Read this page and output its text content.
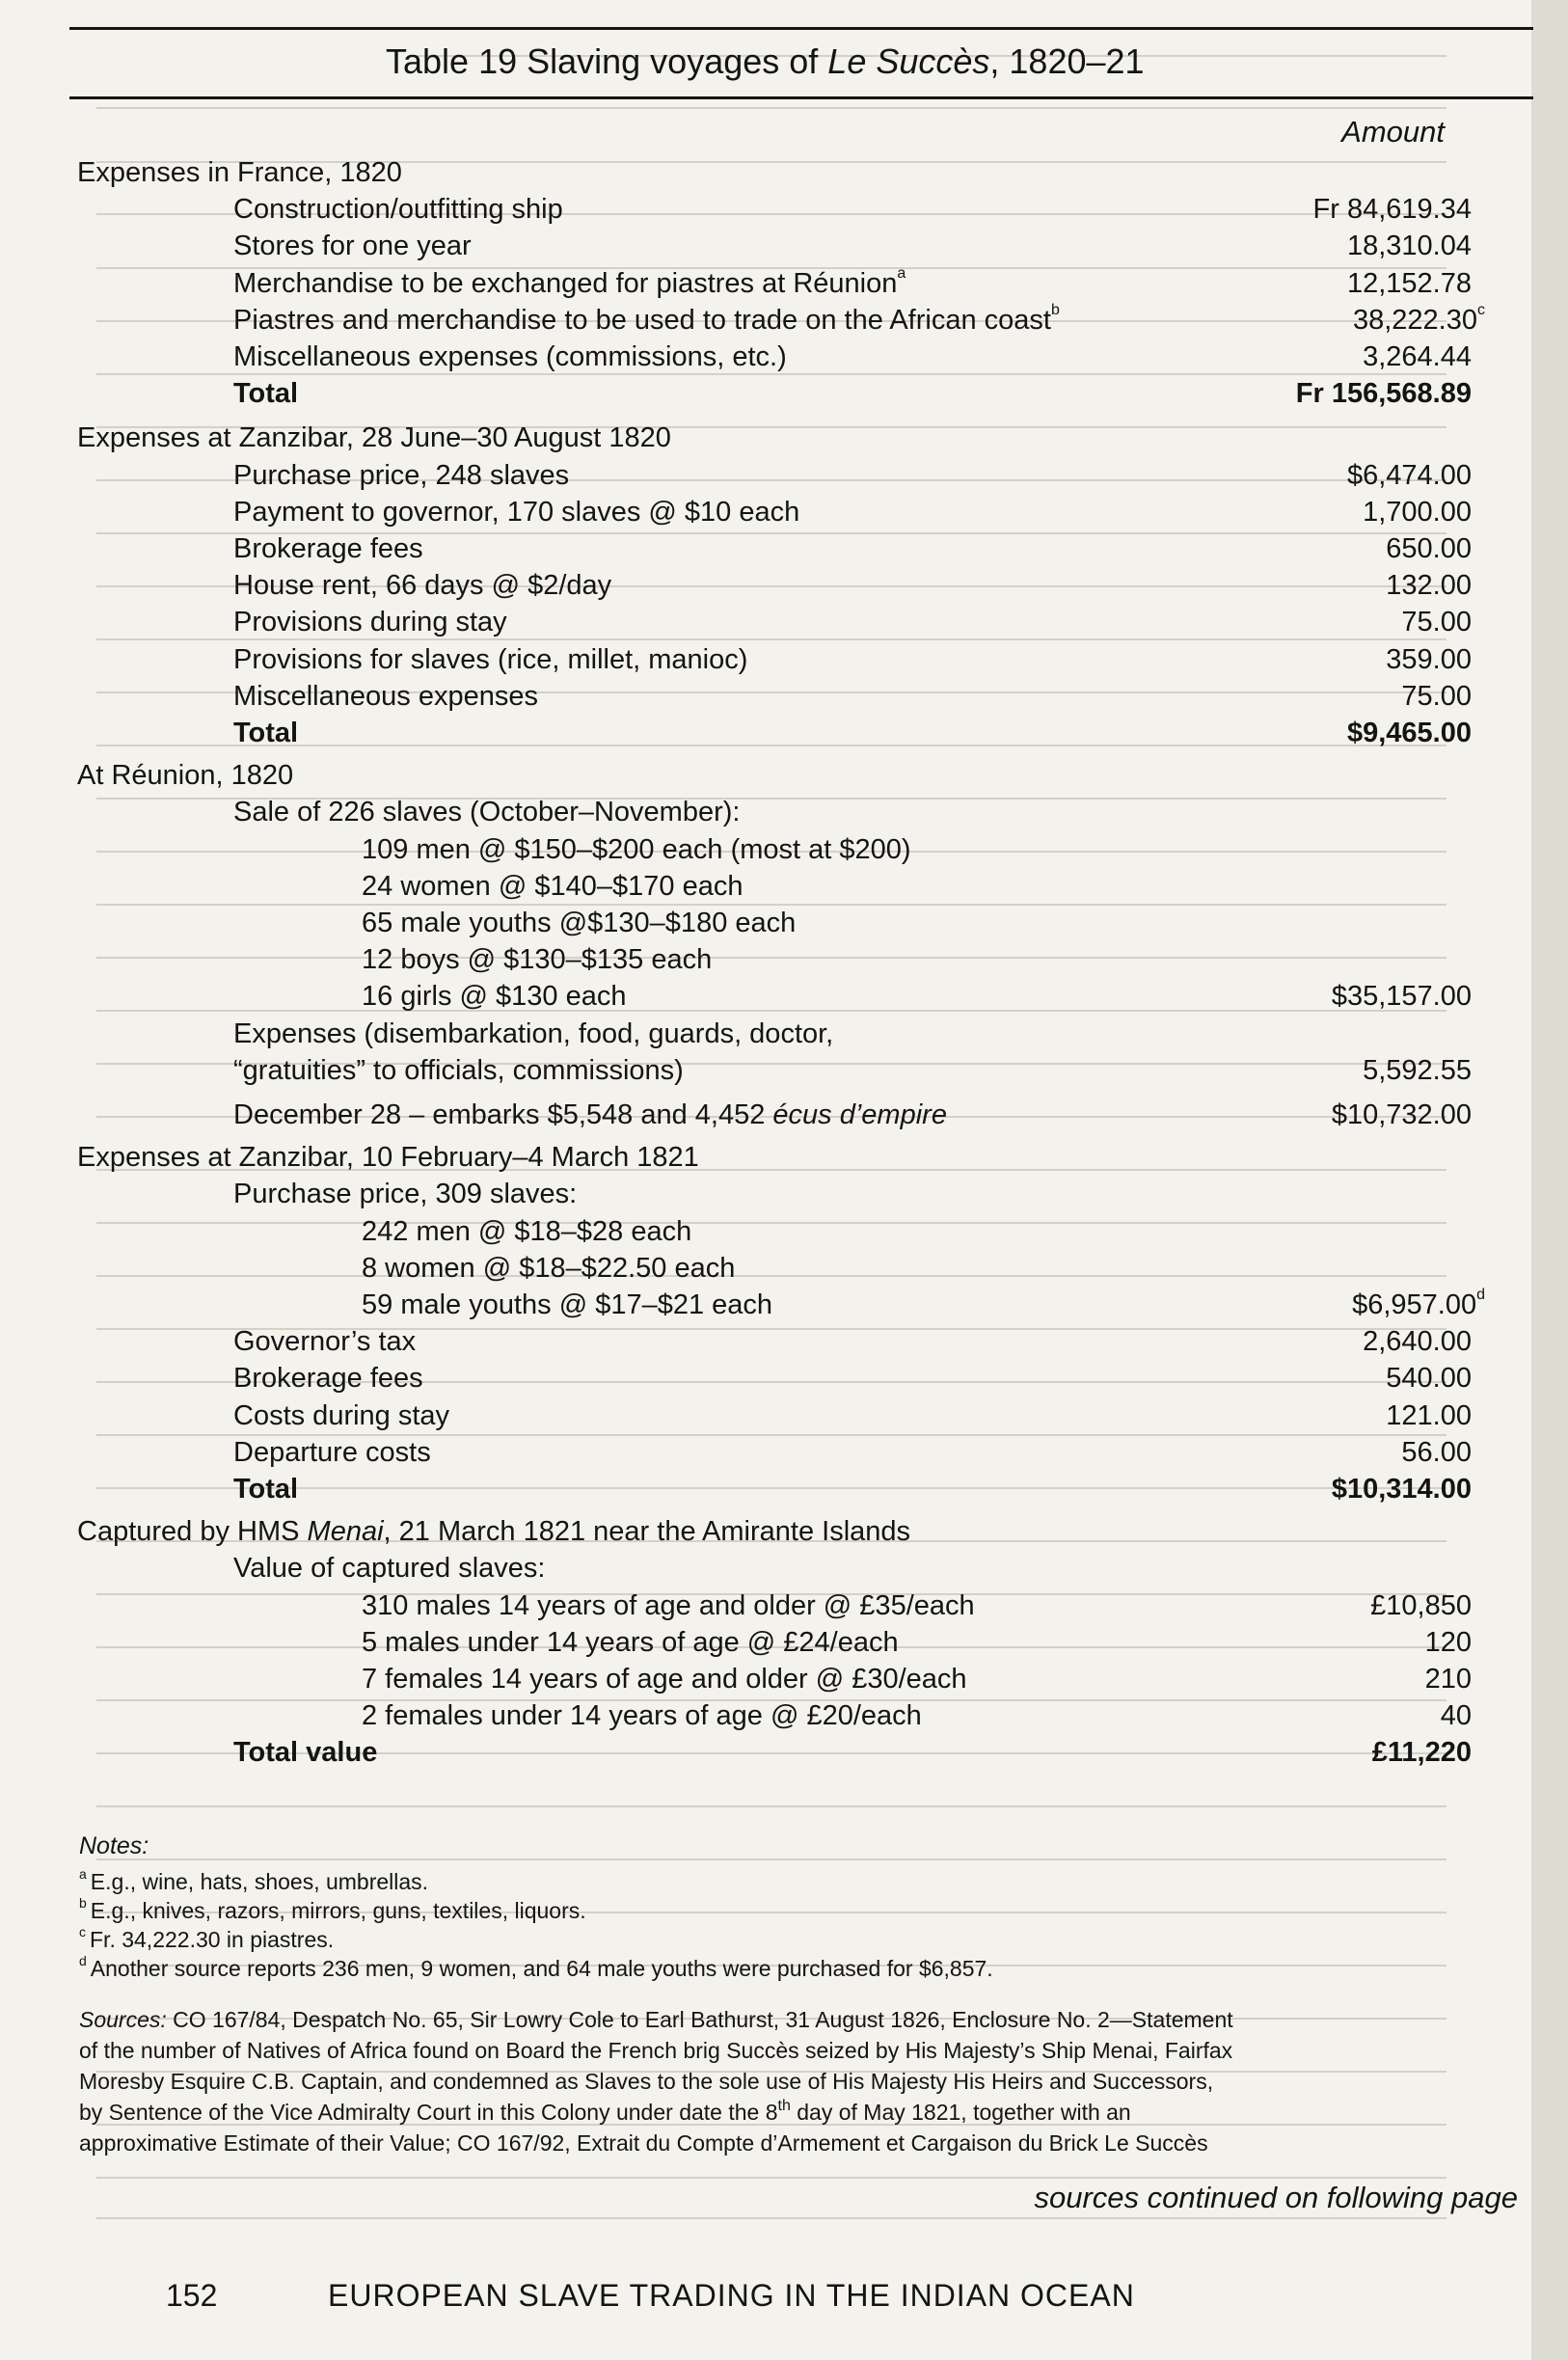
Table 19 Slaving voyages of Le Succès, 1820–21
Amount
Expenses in France, 1820
Construction/outfitting ship	Fr 84,619.34
Stores for one year	18,310.04
Merchandise to be exchanged for piastres at Réunion$^a$	12,152.78
Piastres and merchandise to be used to trade on the African coast$^b$	38,222.30$^c$
Miscellaneous expenses (commissions, etc.)	3,264.44
Total	Fr 156,568.89
Expenses at Zanzibar, 28 June–30 August 1820
Purchase price, 248 slaves	$6,474.00
Payment to governor, 170 slaves @ $10 each	1,700.00
Brokerage fees	650.00
House rent, 66 days @ $2/day	132.00
Provisions during stay	75.00
Provisions for slaves (rice, millet, manioc)	359.00
Miscellaneous expenses	75.00
Total	$9,465.00
At Réunion, 1820
Sale of 226 slaves (October–November):
109 men @ $150–$200 each (most at $200)
24 women @ $140–$170 each
65 male youths @$130–$180 each
12 boys @ $130–$135 each
16 girls @ $130 each	$35,157.00
Expenses (disembarkation, food, guards, doctor,
“gratuities” to officials, commissions)	5,592.55
December 28 – embarks $5,548 and 4,452 écus d’empire	$10,732.00
Expenses at Zanzibar, 10 February–4 March 1821
Purchase price, 309 slaves:
242 men @ $18–$28 each
8 women @ $18–$22.50 each
59 male youths @ $17–$21 each	$6,957.00$^d$
Governor’s tax	2,640.00
Brokerage fees	540.00
Costs during stay	121.00
Departure costs	56.00
Total	$10,314.00
Captured by HMS Menai, 21 March 1821 near the Amirante Islands
Value of captured slaves:
310 males 14 years of age and older @ £35/each	£10,850
5 males under 14 years of age @ £24/each	120
7 females 14 years of age and older @ £30/each	210
2 females under 14 years of age @ £20/each	40
Total value	£11,220
Notes:
$^a$ E.g., wine, hats, shoes, umbrellas.
$^b$ E.g., knives, razors, mirrors, guns, textiles, liquors.
$^c$ Fr. 34,222.30 in piastres.
$^d$ Another source reports 236 men, 9 women, and 64 male youths were purchased for $6,857.
Sources: CO 167/84, Despatch No. 65, Sir Lowry Cole to Earl Bathurst, 31 August 1826, Enclosure No. 2—Statement
of the number of Natives of Africa found on Board the French brig Succès seized by His Majesty’s Ship Menai, Fairfax
Moresby Esquire C.B. Captain, and condemned as Slaves to the sole use of His Majesty His Heirs and Successors,
by Sentence of the Vice Admiralty Court in this Colony under date the 8th day of May 1821, together with an
approximative Estimate of their Value; CO 167/92, Extrait du Compte d’Armement et Cargaison du Brick Le Succès
sources continued on following page
152	EUROPEAN SLAVE TRADING IN THE INDIAN OCEAN
